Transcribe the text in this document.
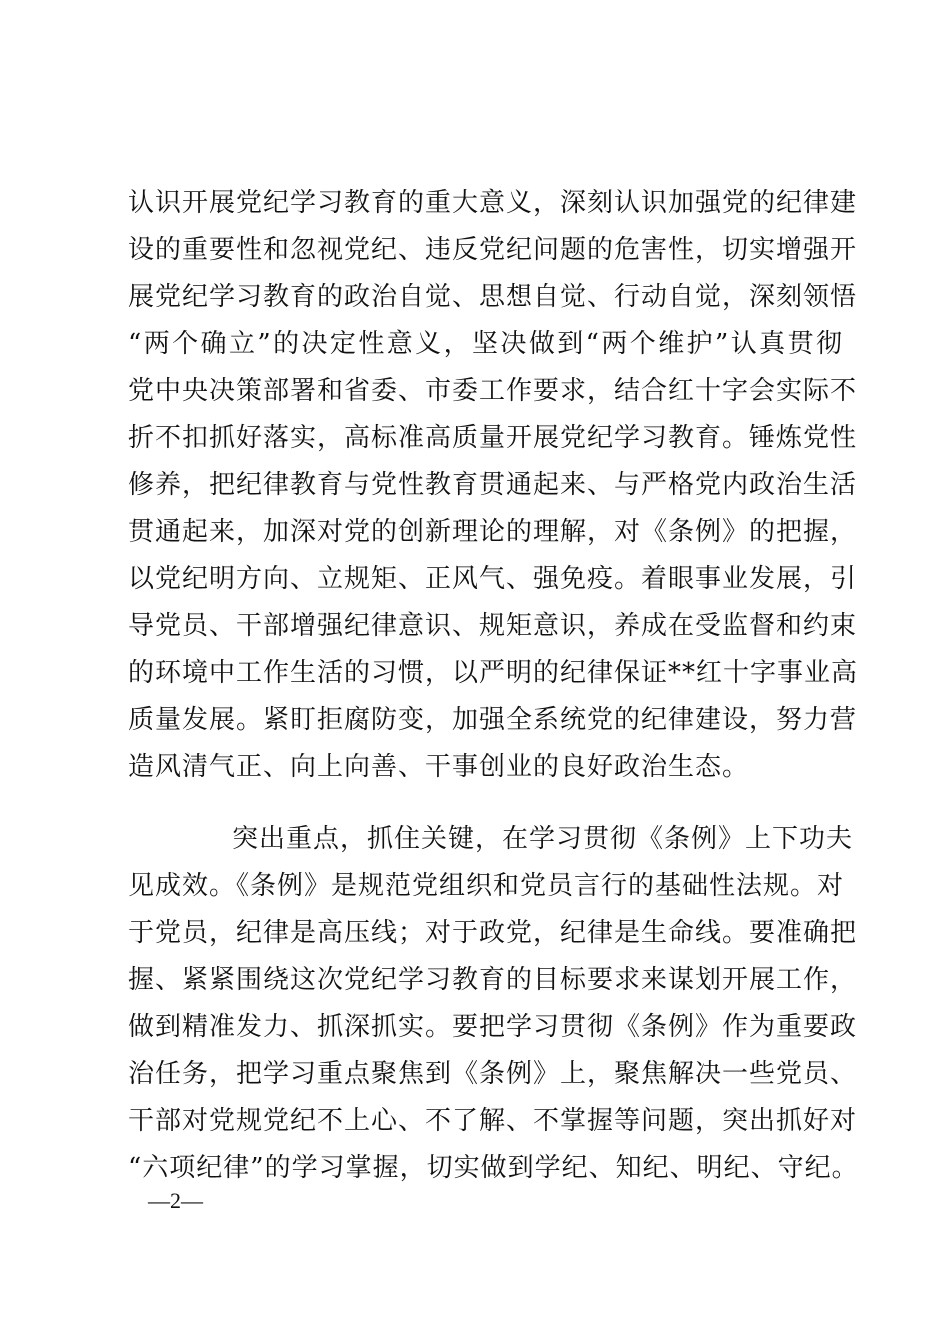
认识开展党纪学习教育的重大意义，深刻认识加强党的纪律建
设的重要性和忽视党纪、违反党纪问题的危害性，切实增强开
展党纪学习教育的政治自觉、思想自觉、行动自觉，深刻领悟
“两个确立”的决定性意义，坚决做到“两个维护”认真贯彻
党中央决策部署和省委、市委工作要求，结合红十字会实际不
折不扣抓好落实，高标准高质量开展党纪学习教育。锤炼党性
修养，把纪律教育与党性教育贯通起来、与严格党内政治生活
贯通起来，加深对党的创新理论的理解，对《条例》的把握，
以党纪明方向、立规矩、正风气、强免疫。着眼事业发展，引
导党员、干部增强纪律意识、规矩意识，养成在受监督和约束
的环境中工作生活的习惯，以严明的纪律保证**红十字事业高
质量发展。紧盯拒腐防变，加强全系统党的纪律建设，努力营
造风清气正、向上向善、干事创业的良好政治生态。
突出重点，抓住关键，在学习贯彻《条例》上下功夫
见成效。《条例》是规范党组织和党员言行的基础性法规。对
于党员，纪律是高压线；对于政党，纪律是生命线。要准确把
握、紧紧围绕这次党纪学习教育的目标要求来谋划开展工作，
做到精准发力、抓深抓实。要把学习贯彻《条例》作为重要政
治任务，把学习重点聚焦到《条例》上，聚焦解决一些党员、
干部对党规党纪不上心、不了解、不掌握等问题，突出抓好对
“六项纪律”的学习掌握，切实做到学纪、知纪、明纪、守纪。
—2—
